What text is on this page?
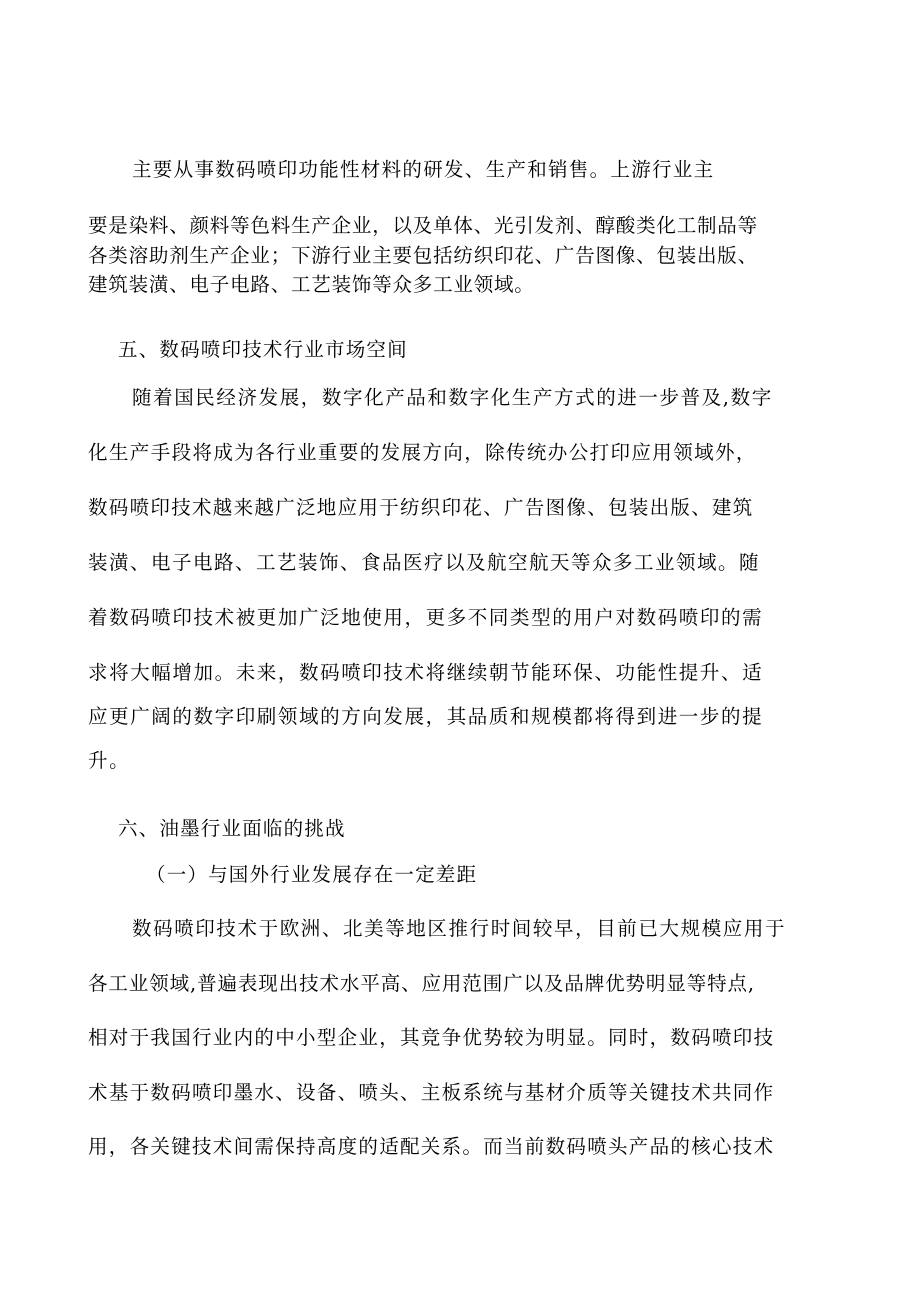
主要从事数码喷印功能性材料的研发、生产和销售。上游行业主

要是染料、颜料等色料生产企业，以及单体、光引发剂、醇酸类化工制品等

各类溶助剂生产企业；下游行业主要包括纺织印花、广告图像、包装出版、

建筑装潢、电子电路、工艺装饰等众多工业领域。

五、数码喷印技术行业市场空间

随着国民经济发展，数字化产品和数字化生产方式的进一步普及,数字

化生产手段将成为各行业重要的发展方向，除传统办公打印应用领域外，

数码喷印技术越来越广泛地应用于纺织印花、广告图像、包装出版、建筑

装潢、电子电路、工艺装饰、食品医疗以及航空航天等众多工业领域。随

着数码喷印技术被更加广泛地使用，更多不同类型的用户对数码喷印的需

求将大幅增加。未来，数码喷印技术将继续朝节能环保、功能性提升、适

应更广阔的数字印刷领域的方向发展，其品质和规模都将得到进一步的提

升。

六、油墨行业面临的挑战
（一）与国外行业发展存在一定差距

数码喷印技术于欧洲、北美等地区推行时间较早，目前已大规模应用于

各工业领域,普遍表现出技术水平高、应用范围广以及品牌优势明显等特点,

相对于我国行业内的中小型企业，其竞争优势较为明显。同时，数码喷印技

术基于数码喷印墨水、设备、喷头、主板系统与基材介质等关键技术共同作

用，各关键技术间需保持高度的适配关系。而当前数码喷头产品的核心技术
